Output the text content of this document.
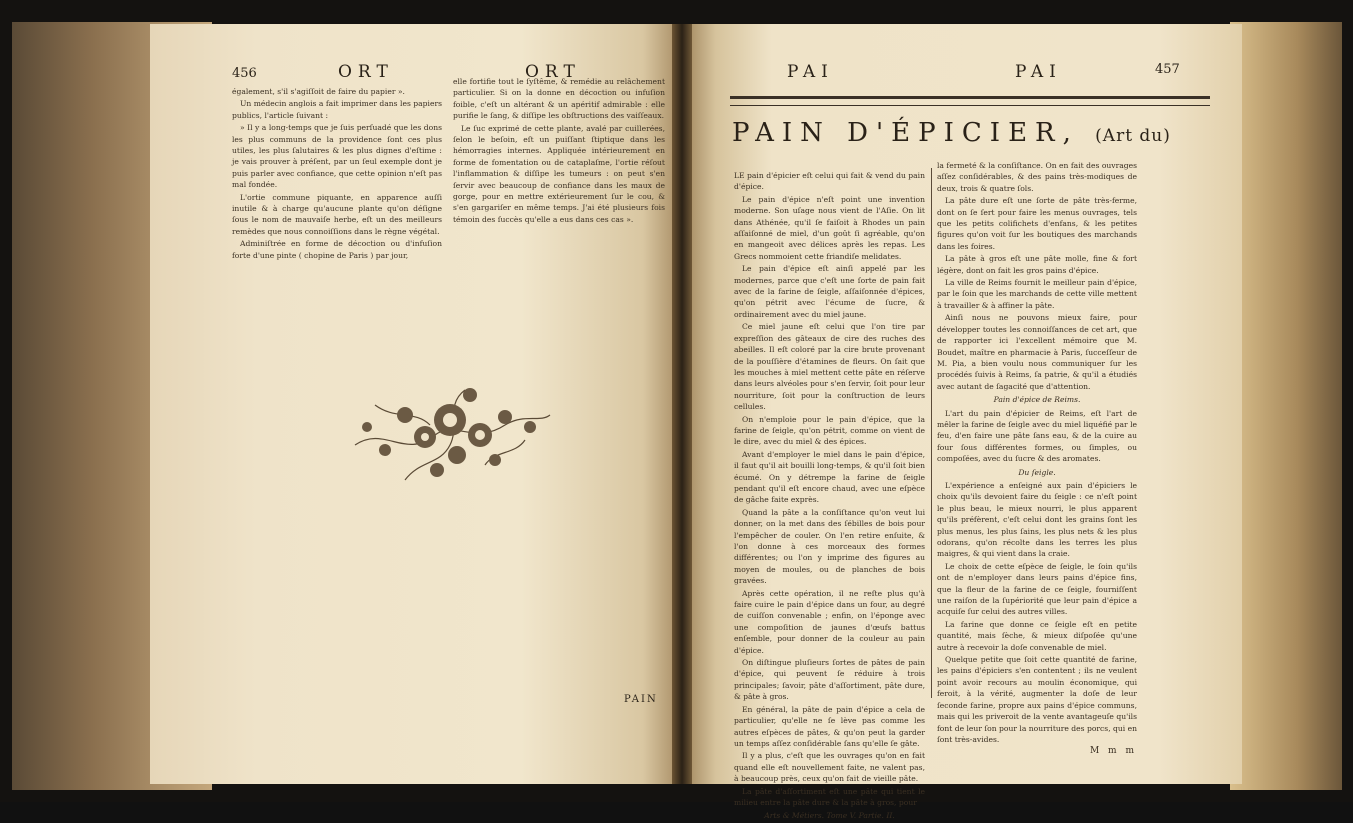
456	ORT	ORT

également, s'il s'agiſſoit de faire du papier ».

Un médecin anglois a fait imprimer dans les papiers publics, l'article ſuivant :

» Il y a long-temps que je ſuis perſuadé que les dons les plus communs de la providence ſont ces plus utiles, les plus ſalutaires & les plus dignes d'eſtime : je vais prouver à préſent, par un ſeul exemple dont je puis parler avec confiance, que cette opinion n'eſt pas mal fondée.

L'ortie commune piquante, en apparence auſſi inutile & à charge qu'aucune plante qu'on déſigne ſous le nom de mauvaiſe herbe, eſt un des meilleurs remèdes que nous connoiſſions dans le règne végétal.

Adminiſtrée en forme de décoction ou d'infuſion forte d'une pinte ( chopine de Paris ) par jour,

elle fortifie tout le ſyſtême, & remédie au relâchement particulier. Si on la donne en décoction ou infuſion foible, c'eſt un altérant & un apéritif admirable : elle purifie le ſang, & diſſipe les obſtructions des vaiſſeaux.

Le ſuc exprimé de cette plante, avalé par cuillerées, ſelon le beſoin, eſt un puiſſant ſtiptique dans les hémorragies internes. Appliquée intérieurement en forme de fomentation ou de cataplaſme, l'ortie réſout l'inflammation & diſſipe les tumeurs : on peut s'en ſervir avec beaucoup de confiance dans les maux de gorge, pour en mettre extérieurement ſur le cou, & s'en gargariſer en même temps. J'ai été plusieurs fois témoin des ſuccès qu'elle a eus dans ces cas ».

PAIN
PAI	PAI	457
PAIN D'ÉPICIER, (Art du)

LE pain d'épicier eſt celui qui fait & vend du pain d'épice.

Le pain d'épice n'eſt point une invention moderne. Son uſage nous vient de l'Aſie. On lit dans Athénée, qu'il ſe faiſoit à Rhodes un pain aſſaiſonné de miel, d'un goût ſi agréable, qu'on en mangeoit avec délices après les repas. Les Grecs nommoient cette friandiſe melidates.

Le pain d'épice eſt ainſi appelé par les modernes, parce que c'eſt une ſorte de pain fait avec de la farine de ſeigle, aſſaiſonnée d'épices, qu'on pétrit avec l'écume de ſucre, & ordinairement avec du miel jaune.

Ce miel jaune eſt celui que l'on tire par expreſſion des gâteaux de cire des ruches des abeilles. Il eſt coloré par la cire brute provenant de la pouſſière d'étamines de fleurs. On ſait que les mouches à miel mettent cette pâte en réſerve dans leurs alvéoles pour s'en ſervir, ſoit pour leur nourriture, ſoit pour la conſtruction de leurs cellules.

On n'emploie pour le pain d'épice, que la farine de ſeigle, qu'on pétrit, comme on vient de le dire, avec du miel & des épices.

Avant d'employer le miel dans le pain d'épice, il faut qu'il ait bouilli long-temps, & qu'il ſoit bien écumé. On y détrempe la farine de ſeigle pendant qu'il eſt encore chaud, avec une eſpèce de gâche faite exprès.

Quand la pâte a la conſiſtance qu'on veut lui donner, on la met dans des ſébilles de bois pour l'empêcher de couler. On l'en retire enſuite, & l'on donne à ces morceaux des formes différentes; ou l'on y imprime des figures au moyen de moules, ou de planches de bois gravées.

Après cette opération, il ne reſte plus qu'à faire cuire le pain d'épice dans un four, au degré de cuiſſon convenable ; enfin, on l'éponge avec une compoſition de jaunes d'œufs battus enſemble, pour donner de la couleur au pain d'épice.

On diſtingue pluſieurs ſortes de pâtes de pain d'épice, qui peuvent ſe réduire à trois principales; ſavoir, pâte d'aſſortiment, pâte dure, & pâte à gros.

En général, la pâte de pain d'épice a cela de particulier, qu'elle ne ſe lève pas comme les autres eſpèces de pâtes, & qu'on peut la garder un temps aſſez conſidérable ſans qu'elle ſe gâte.

Il y a plus, c'eſt que les ouvrages qu'on en fait quand elle eſt nouvellement faite, ne valent pas, à beaucoup près, ceux qu'on fait de vieille pâte.

La pâte d'aſſortiment eſt une pâte qui tient le milieu entre la pâte dure & la pâte à gros, pour

Arts & Métiers. Tome V. Partie. II.

la fermeté & la conſiſtance. On en fait des ouvrages aſſez conſidérables, & des pains très-modiques de deux, trois & quatre ſols.

La pâte dure eſt une ſorte de pâte très-ferme, dont on ſe ſert pour faire les menus ouvrages, tels que les petits colifichets d'enfans, & les petites figures qu'on voit ſur les boutiques des marchands dans les foires.

La pâte à gros eſt une pâte molle, fine & fort légère, dont on fait les gros pains d'épice.

La ville de Reims fournit le meilleur pain d'épice, par le ſoin que les marchands de cette ville mettent à travailler & à affiner la pâte.

Ainſi nous ne pouvons mieux faire, pour développer toutes les connoiſſances de cet art, que de rapporter ici l'excellent mémoire que M. Boudet, maître en pharmacie à Paris, ſucceſſeur de M. Pia, a bien voulu nous communiquer ſur les procédés ſuivis à Reims, ſa patrie, & qu'il a étudiés avec autant de ſagacité que d'attention.

Pain d'épice de Reims.

L'art du pain d'épicier de Reims, eſt l'art de mêler la farine de ſeigle avec du miel liquéfié par le feu, d'en faire une pâte ſans eau, & de la cuire au four ſous différentes formes, ou ſimples, ou compoſées, avec du ſucre & des aromates.

Du ſeigle.

L'expérience a enſeigné aux pain d'épiciers le choix qu'ils devoient faire du ſeigle : ce n'eſt point le plus beau, le mieux nourri, le plus apparent qu'ils préfèrent, c'eſt celui dont les grains ſont les plus menus, les plus ſains, les plus nets & les plus odorans, qu'on récolte dans les terres les plus maigres, & qui vient dans la craie.

Le choix de cette eſpèce de ſeigle, le ſoin qu'ils ont de n'employer dans leurs pains d'épice fins, que la fleur de la farine de ce ſeigle, fourniſſent une raiſon de la ſupériorité que leur pain d'épice a acquiſe ſur celui des autres villes.

La farine que donne ce ſeigle eſt en petite quantité, mais ſèche, & mieux diſpoſée qu'une autre à recevoir la doſe convenable de miel.

Quelque petite que ſoit cette quantité de farine, les pains d'épiciers s'en contentent ; ils ne veulent point avoir recours au moulin économique, qui feroit, à la vérité, augmenter la doſe de leur ſeconde farine, propre aux pains d'épice communs, mais qui les priveroit de la vente avantageuſe qu'ils font de leur ſon pour la nourriture des porcs, qui en ſont très-avides.

M m m
